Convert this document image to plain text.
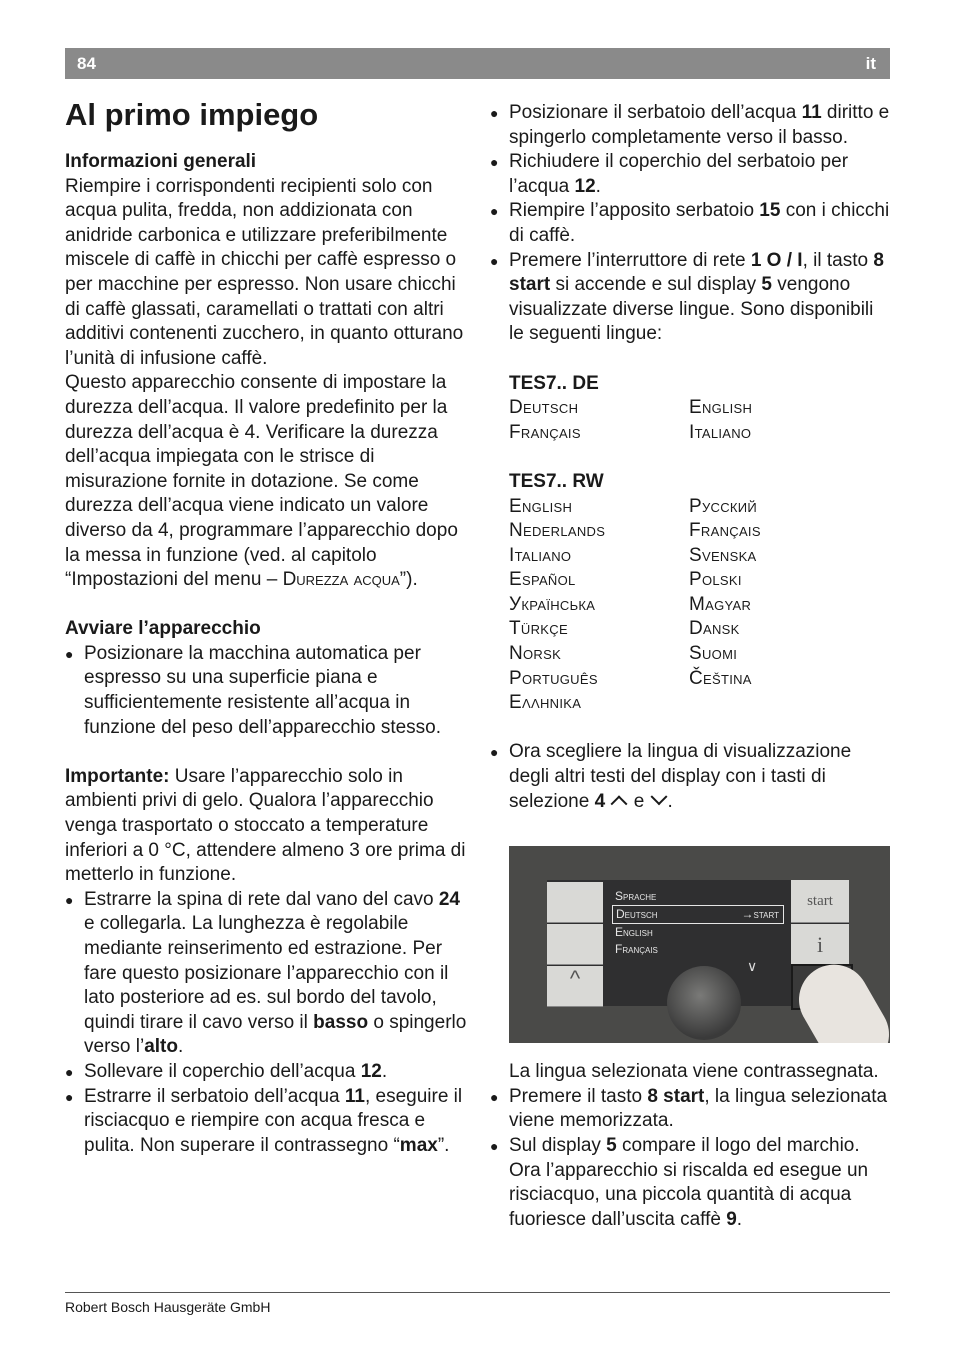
84	it
Al primo impiego

Informazioni generali

Riempire i corrispondenti recipienti solo con acqua pulita, fredda, non addizionata con anidride carbonica e utilizzare preferibilmente miscele di caffè in chicchi per caffè espresso o per macchine per espresso. Non usare chicchi di caffè glassati, caramellati o trattati con altri additivi contenenti zucchero, in quanto otturano l’unità di infusione caffè.

Questo apparecchio consente di impostare la durezza dell’acqua. Il valore predefinito per la durezza dell’acqua è 4. Verificare la durezza dell’acqua impiegata con le strisce di misurazione fornite in dotazione. Se come durezza dell’acqua viene indicato un valore diverso da 4, programmare l’apparecchio dopo la messa in funzione (ved. al capitolo “Impostazioni del menu – Durezza acqua”).

Avviare l’apparecchio

● Posizionare la macchina automatica per espresso su una superficie piana e sufficientemente resistente all’acqua in funzione del peso dell’apparecchio stesso.

Importante: Usare l’apparecchio solo in ambienti privi di gelo. Qualora l’apparecchio venga trasportato o stoccato a temperature inferiori a 0 °C, attendere almeno 3 ore prima di metterlo in funzione.

● Estrarre la spina di rete dal vano del cavo 24 e collegarla. La lunghezza è regolabile mediante reinserimento ed estrazione. Per fare questo posizionare l’apparecchio con il lato posteriore ad es. sul bordo del tavolo, quindi tirare il cavo verso il basso o spingerlo verso l’alto.

● Sollevare il coperchio dell’acqua 12.

● Estrarre il serbatoio dell’acqua 11, eseguire il risciacquo e riempire con acqua fresca e pulita. Non superare il contrassegno “max”.

● Posizionare il serbatoio dell’acqua 11 diritto e spingerlo completamente verso il basso.

● Richiudere il coperchio del serbatoio per l’acqua 12.

● Riempire l’apposito serbatoio 15 con i chicchi di caffè.

● Premere l’interruttore di rete 1 O / I, il tasto 8 start si accende e sul display 5 vengono visualizzate diverse lingue. Sono disponibili le seguenti lingue:

TES7.. DE

Deutsch	English
Français	Italiano

TES7.. RW

English	Русский
Nederlands	Français
Italiano	Svenska
Español	Polski
Українська	Magyar
Türkçe	Dansk
Norsk	Suomi
Português	Čeština
Ελληνικα

● Ora scegliere la lingua di visualizzazione degli altri testi del display con i tasti di selezione 4  e .

La lingua selezionata viene contrassegnata.

● Premere il tasto 8 start, la lingua selezionata viene memorizzata.

● Sul display 5 compare il logo del marchio. Ora l’apparecchio si riscalda ed esegue un risciacquo, una piccola quantità di acqua fuoriesce dall’uscita caffè 9.

^
start
i
Sprache
Deutsch	→start
English
Français
∨
Robert Bosch Hausgeräte GmbH
